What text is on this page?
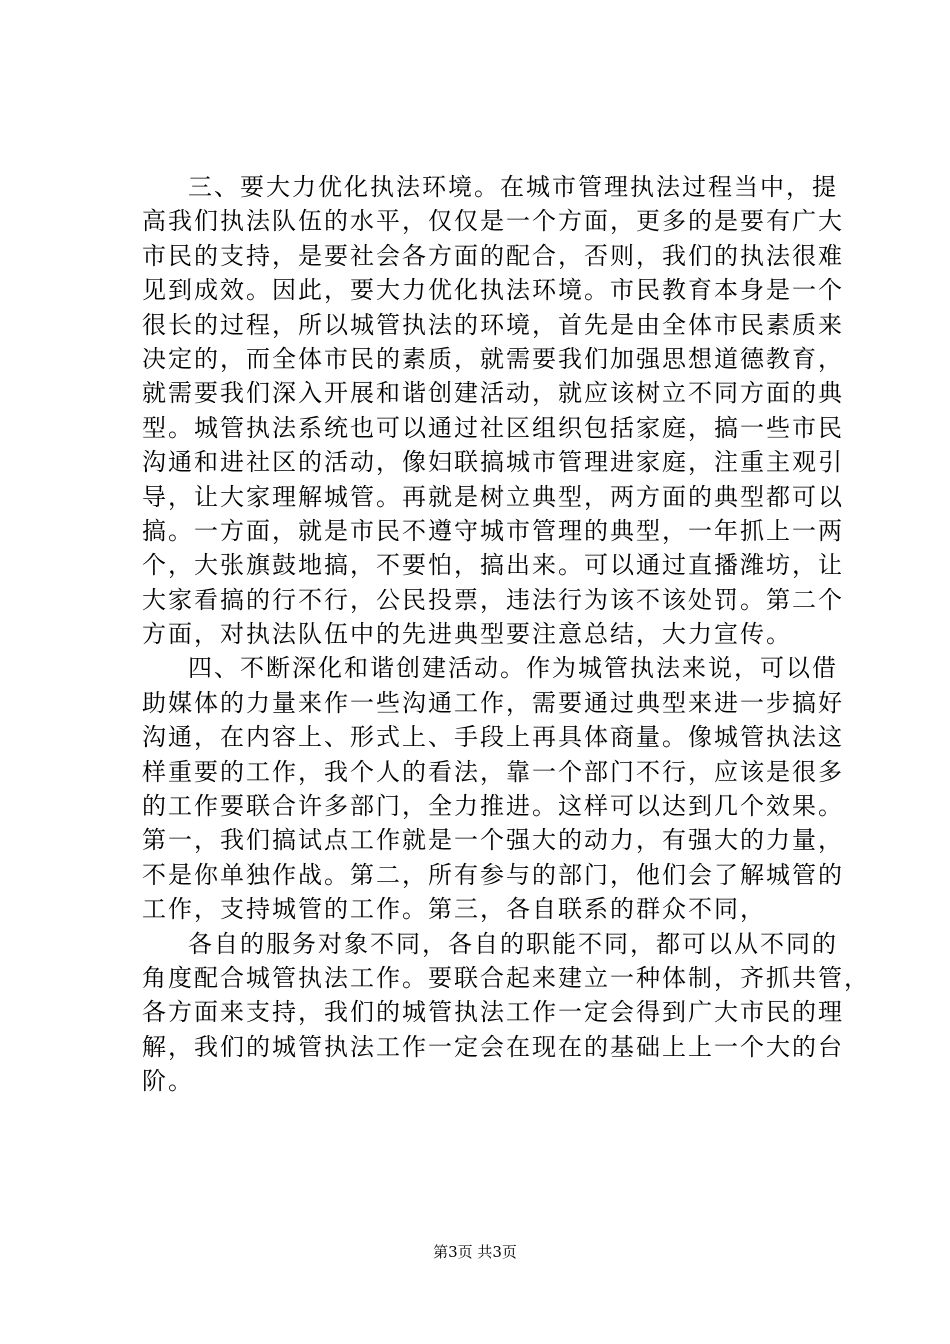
三、要大力优化执法环境。在城市管理执法过程当中，提
高我们执法队伍的水平，仅仅是一个方面，更多的是要有广大
市民的支持，是要社会各方面的配合，否则，我们的执法很难
见到成效。因此，要大力优化执法环境。市民教育本身是一个
很长的过程，所以城管执法的环境，首先是由全体市民素质来
决定的，而全体市民的素质，就需要我们加强思想道德教育，
就需要我们深入开展和谐创建活动，就应该树立不同方面的典
型。城管执法系统也可以通过社区组织包括家庭，搞一些市民
沟通和进社区的活动，像妇联搞城市管理进家庭，注重主观引
导，让大家理解城管。再就是树立典型，两方面的典型都可以
搞。一方面，就是市民不遵守城市管理的典型，一年抓上一两
个，大张旗鼓地搞，不要怕，搞出来。可以通过直播潍坊，让
大家看搞的行不行，公民投票，违法行为该不该处罚。第二个
方面，对执法队伍中的先进典型要注意总结，大力宣传。
四、不断深化和谐创建活动。作为城管执法来说，可以借
助媒体的力量来作一些沟通工作，需要通过典型来进一步搞好
沟通，在内容上、形式上、手段上再具体商量。像城管执法这
样重要的工作，我个人的看法，靠一个部门不行，应该是很多
的工作要联合许多部门，全力推进。这样可以达到几个效果。
第一，我们搞试点工作就是一个强大的动力，有强大的力量，
不是你单独作战。第二，所有参与的部门，他们会了解城管的
工作，支持城管的工作。第三，各自联系的群众不同，
各自的服务对象不同，各自的职能不同，都可以从不同的
角度配合城管执法工作。要联合起来建立一种体制，齐抓共管，
各方面来支持，我们的城管执法工作一定会得到广大市民的理
解，我们的城管执法工作一定会在现在的基础上上一个大的台
阶。
第3页 共3页
